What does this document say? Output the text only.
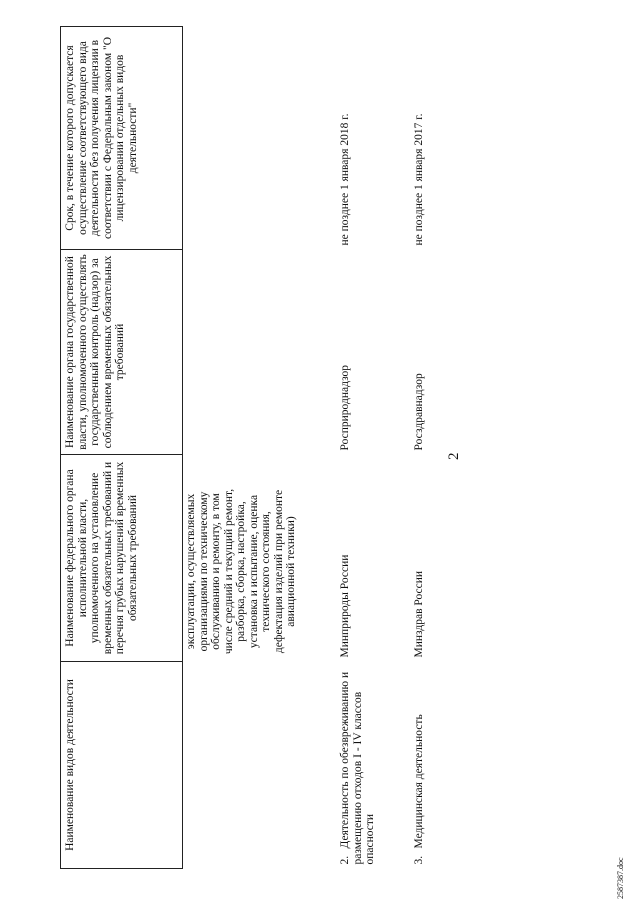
2
Наименование видов деятельности	Наименование федерального органа исполнительной власти, уполномоченного на установление временных обязательных требований и перечня грубых нарушений временных обязательных требований	Наименование органа государственной власти, уполномоченного осуществлять государственный контроль (надзор) за соблюдением временных обязательных требований	Срок, в течение которого допускается осуществление соответствующего вида деятельности без получения лицензии в соответствии с Федеральным законом "О лицензировании отдельных видов деятельности"

	эксплуатации, осуществляемых организациями по техническому обслуживанию и ремонту, в том числе средний и текущий ремонт, разборка, сборка, настройка, установка и испытание, оценка технического состояния, дефектация изделий при ремонте авиационной техники)		

2.Деятельность по обезвреживанию и размещению отходов I - IV классов опасности	Минприроды России	Росприроднадзор	не позднее 1 января 2018 г.
3.Медицинская деятельность	Минздрав России	Росздравнадзор	не позднее 1 января 2017 г.
2587387.doc
